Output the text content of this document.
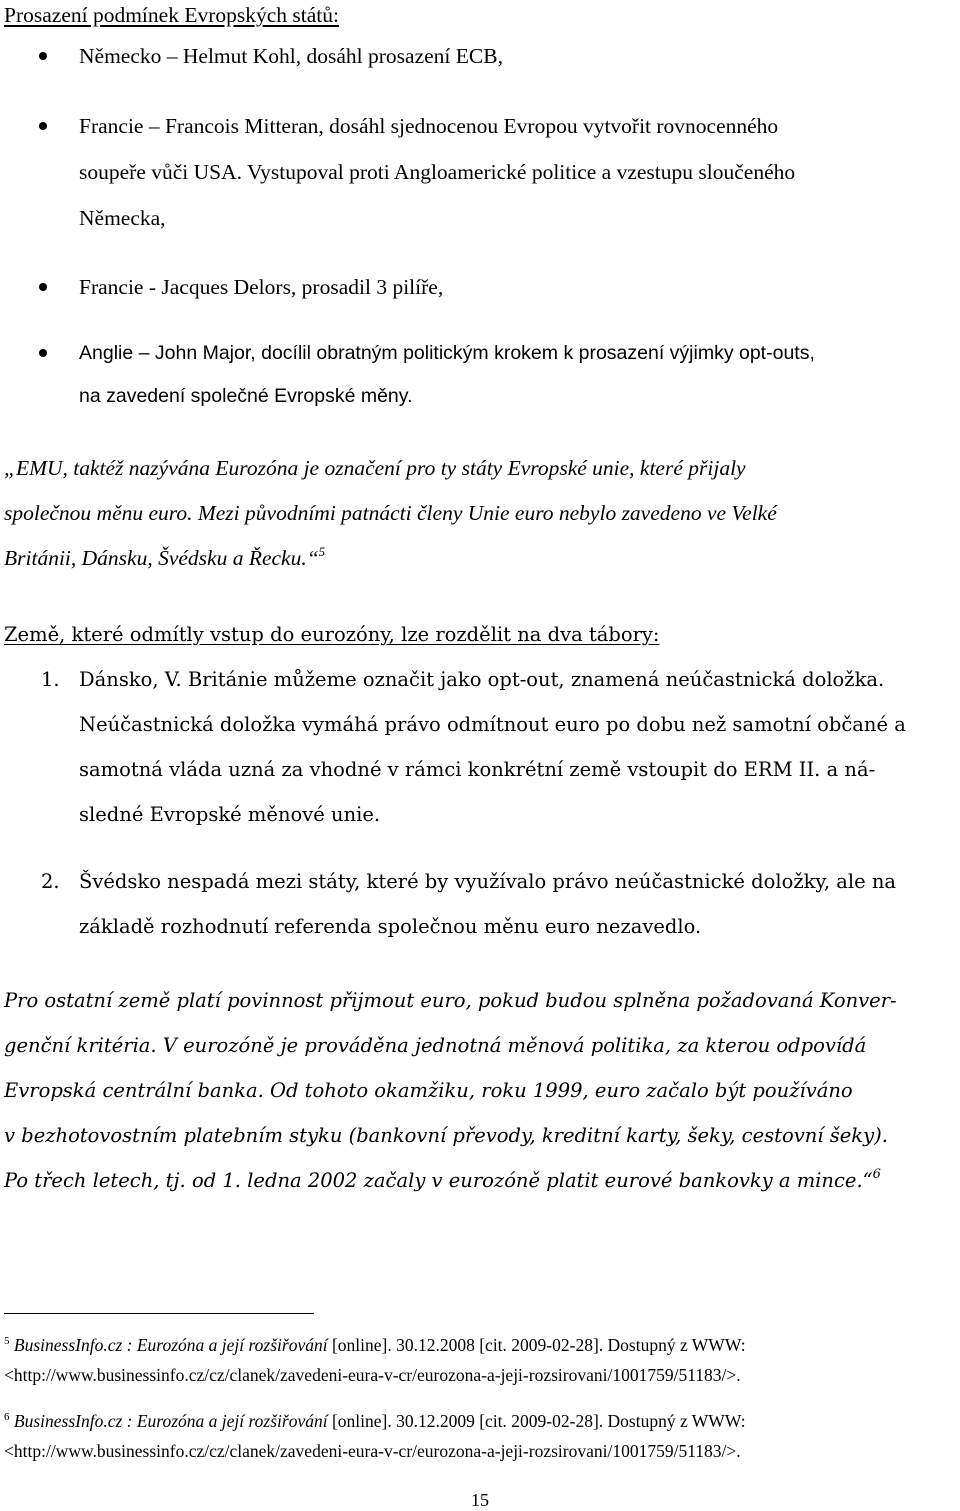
Prosazení podmínek Evropských států:
Německo – Helmut Kohl, dosáhl prosazení ECB,
Francie – Francois Mitteran, dosáhl sjednocenou Evropou vytvořit rovnocenného
soupeře vůči USA. Vystupoval proti Angloamerické politice a vzestupu sloučeného
Německa,
Francie - Jacques Delors, prosadil 3 pilíře,
Anglie – John Major, docílil obratným politickým krokem k prosazení výjimky opt-outs,
na zavedení společné Evropské měny.
„EMU, taktéž nazývána Eurozóna je označení pro ty státy Evropské unie, které přijaly
společnou měnu euro. Mezi původními patnácti členy Unie euro nebylo zavedeno ve Velké
Británii, Dánsku, Švédsku a Řecku.“$^5$
Země, které odmítly vstup do eurozóny, lze rozdělit na dva tábory:
1. Dánsko, V. Británie můžeme označit jako opt-out, znamená neúčastnická doložka.
Neúčastnická doložka vymáhá právo odmítnout euro po dobu než samotní občané a
samotná vláda uzná za vhodné v rámci konkrétní země vstoupit do ERM II. a ná-
sledné Evropské měnové unie.
2. Švédsko nespadá mezi státy, které by využívalo právo neúčastnické doložky, ale na
základě rozhodnutí referenda společnou měnu euro nezavedlo.
Pro ostatní země platí povinnost přijmout euro, pokud budou splněna požadovaná Konver-
genční kritéria. V eurozóně je prováděna jednotná měnová politika, za kterou odpovídá
Evropská centrální banka. Od tohoto okamžiku, roku 1999, euro začalo být používáno
v bezhotovostním platebním styku (bankovní převody, kreditní karty, šeky, cestovní šeky).
Po třech letech, tj. od 1. ledna 2002 začaly v eurozóně platit eurové bankovky a mince.“$^6$
$^5$ BusinessInfo.cz : Eurozóna a její rozšiřování [online]. 30.12.2008 [cit. 2009-02-28]. Dostupný z WWW:
<http://www.businessinfo.cz/cz/clanek/zavedeni-eura-v-cr/eurozona-a-jeji-rozsirovani/1001759/51183/>.
$^6$ BusinessInfo.cz : Eurozóna a její rozšiřování [online]. 30.12.2009 [cit. 2009-02-28]. Dostupný z WWW:
<http://www.businessinfo.cz/cz/clanek/zavedeni-eura-v-cr/eurozona-a-jeji-rozsirovani/1001759/51183/>.
15
